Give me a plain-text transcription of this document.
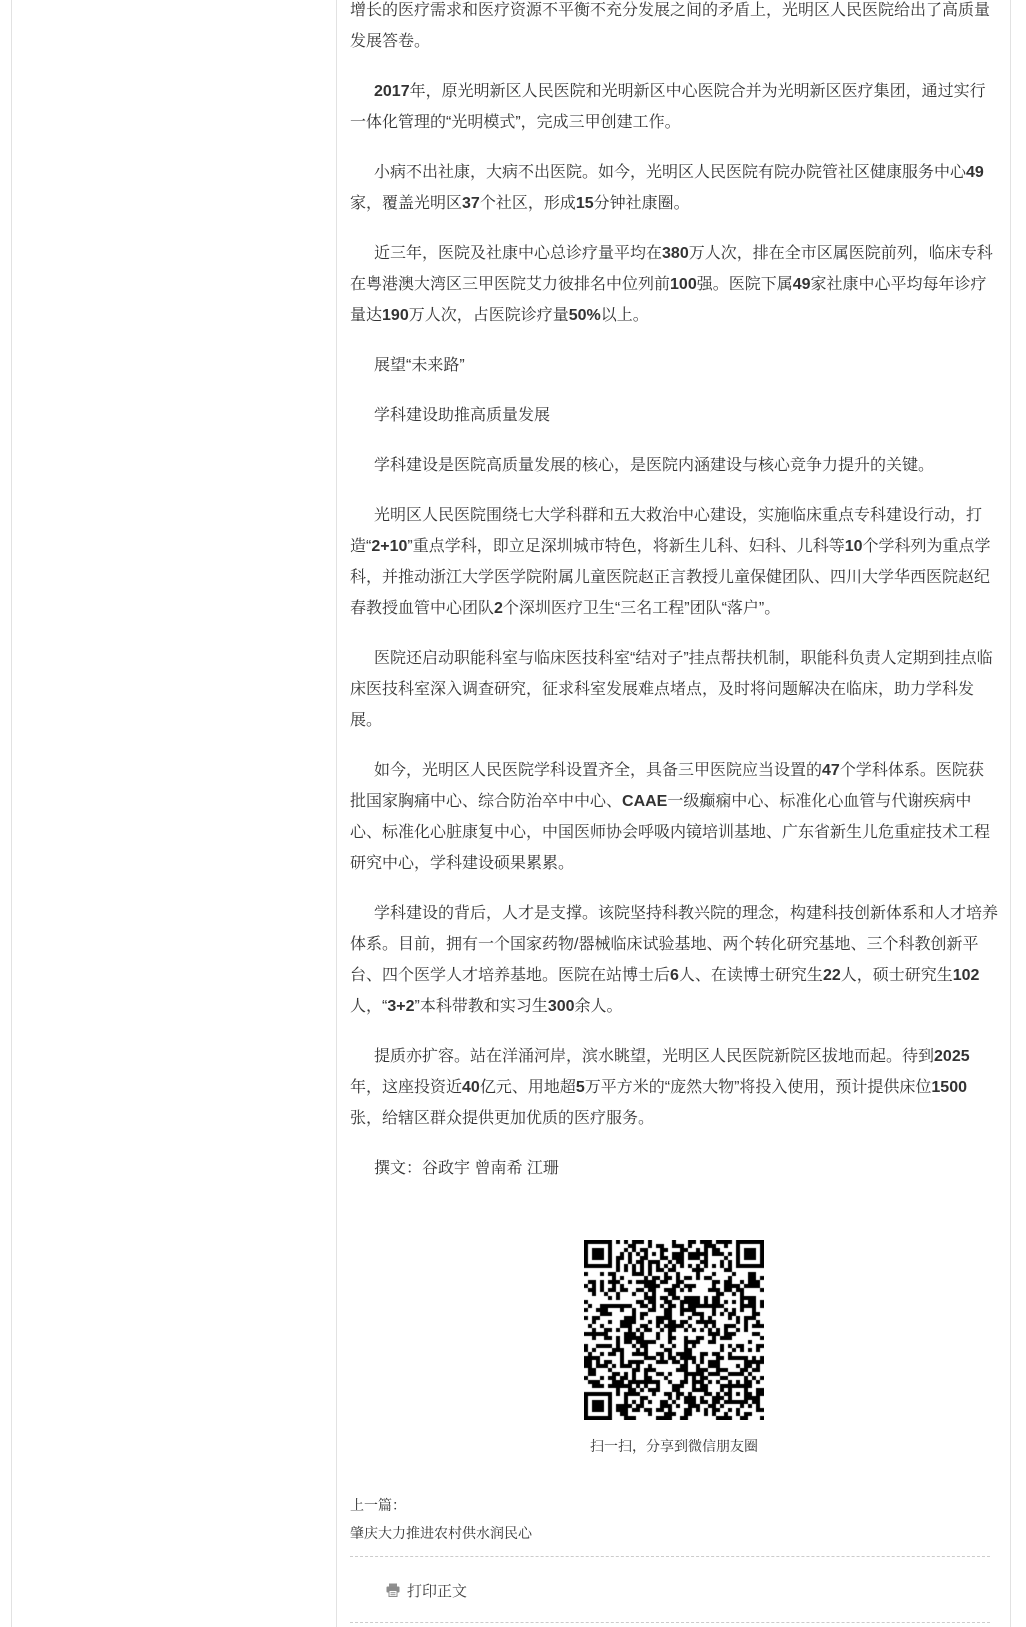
增长的医疗需求和医疗资源不平衡不充分发展之间的矛盾上，光明区人民医院给出了高质量发展答卷。

2017年，原光明新区人民医院和光明新区中心医院合并为光明新区医疗集团，通过实行一体化管理的“光明模式”，完成三甲创建工作。

小病不出社康，大病不出医院。如今，光明区人民医院有院办院管社区健康服务中心49家，覆盖光明区37个社区，形成15分钟社康圈。

近三年，医院及社康中心总诊疗量平均在380万人次，排在全市区属医院前列，临床专科在粤港澳大湾区三甲医院艾力彼排名中位列前100强。医院下属49家社康中心平均每年诊疗量达190万人次，占医院诊疗量50%以上。

展望“未来路”

学科建设助推高质量发展

学科建设是医院高质量发展的核心，是医院内涵建设与核心竞争力提升的关键。

光明区人民医院围绕七大学科群和五大救治中心建设，实施临床重点专科建设行动，打造“2+10”重点学科，即立足深圳城市特色，将新生儿科、妇科、儿科等10个学科列为重点学科，并推动浙江大学医学院附属儿童医院赵正言教授儿童保健团队、四川大学华西医院赵纪春教授血管中心团队2个深圳医疗卫生“三名工程”团队“落户”。

医院还启动职能科室与临床医技科室“结对子”挂点帮扶机制，职能科负责人定期到挂点临床医技科室深入调查研究，征求科室发展难点堵点，及时将问题解决在临床，助力学科发展。

如今，光明区人民医院学科设置齐全，具备三甲医院应当设置的47个学科体系。医院获批国家胸痛中心、综合防治卒中中心、CAAE一级癫痫中心、标准化心血管与代谢疾病中心、标准化心脏康复中心，中国医师协会呼吸内镜培训基地、广东省新生儿危重症技术工程研究中心，学科建设硕果累累。

学科建设的背后，人才是支撑。该院坚持科教兴院的理念，构建科技创新体系和人才培养体系。目前，拥有一个国家药物/器械临床试验基地、两个转化研究基地、三个科教创新平台、四个医学人才培养基地。医院在站博士后6人、在读博士研究生22人，硕士研究生102人，“3+2”本科带教和实习生300余人。

提质亦扩容。站在洋涌河岸，滨水眺望，光明区人民医院新院区拔地而起。待到2025年，这座投资近40亿元、用地超5万平方米的“庞然大物”将投入使用，预计提供床位1500张，给辖区群众提供更加优质的医疗服务。

撰文：谷政宇 曾南希 江珊

扫一扫，分享到微信朋友圈
上一篇：
肇庆大力推进农村供水润民心
打印正文
